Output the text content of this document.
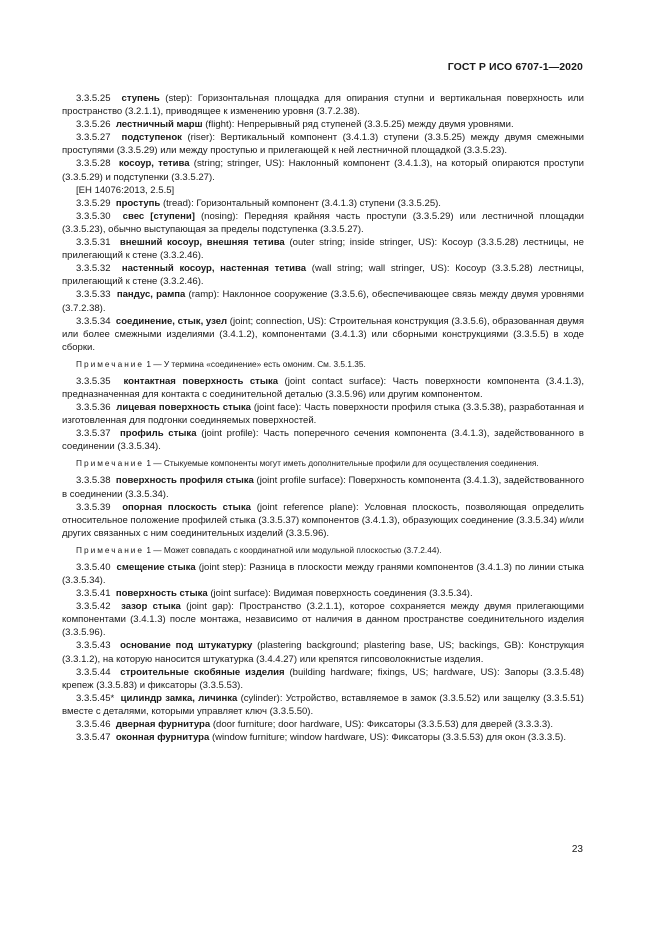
ГОСТ Р ИСО 6707-1—2020

3.3.5.25 ступень (step): Горизонтальная площадка для опирания ступни и вертикальная поверхность или пространство (3.2.1.1), приводящее к изменению уровня (3.7.2.38).

3.3.5.26 лестничный марш (flight): Непрерывный ряд ступеней (3.3.5.25) между двумя уровнями.

3.3.5.27 подступенок (riser): Вертикальный компонент (3.4.1.3) ступени (3.3.5.25) между двумя смежными проступями (3.3.5.29) или между проступью и прилегающей к ней лестничной площадкой (3.3.5.23).

3.3.5.28 косоур, тетива (string; stringer, US): Наклонный компонент (3.4.1.3), на который опираются проступи (3.3.5.29) и подступенки (3.3.5.27).

[ЕН 14076:2013, 2.5.5]

3.3.5.29 проступь (tread): Горизонтальный компонент (3.4.1.3) ступени (3.3.5.25).

3.3.5.30 свес [ступени] (nosing): Передняя крайняя часть проступи (3.3.5.29) или лестничной площадки (3.3.5.23), обычно выступающая за пределы подступенка (3.3.5.27).

3.3.5.31 внешний косоур, внешняя тетива (outer string; inside stringer, US): Косоур (3.3.5.28) лестницы, не прилегающий к стене (3.3.2.46).

3.3.5.32 настенный косоур, настенная тетива (wall string; wall stringer, US): Косоур (3.3.5.28) лестницы, прилегающий к стене (3.3.2.46).

3.3.5.33 пандус, рампа (ramp): Наклонное сооружение (3.3.5.6), обеспечивающее связь между двумя уровнями (3.7.2.38).

3.3.5.34 соединение, стык, узел (joint; connection, US): Строительная конструкция (3.3.5.6), образованная двумя или более смежными изделиями (3.4.1.2), компонентами (3.4.1.3) или сборными конструкциями (3.3.5.5) в ходе сборки.

Примечание 1 — У термина «соединение» есть омоним. См. 3.5.1.35.

3.3.5.35 контактная поверхность стыка (joint contact surface): Часть поверхности компонента (3.4.1.3), предназначенная для контакта с соединительной деталью (3.3.5.96) или другим компонентом.

3.3.5.36 лицевая поверхность стыка (joint face): Часть поверхности профиля стыка (3.3.5.38), разработанная и изготовленная для подгонки соединяемых поверхностей.

3.3.5.37 профиль стыка (joint profile): Часть поперечного сечения компонента (3.4.1.3), задействованного в соединении (3.3.5.34).

Примечание 1 — Стыкуемые компоненты могут иметь дополнительные профили для осуществления соединения.

3.3.5.38 поверхность профиля стыка (joint profile surface): Поверхность компонента (3.4.1.3), задействованного в соединении (3.3.5.34).

3.3.5.39 опорная плоскость стыка (joint reference plane): Условная плоскость, позволяющая определить относительное положение профилей стыка (3.3.5.37) компонентов (3.4.1.3), образующих соединение (3.3.5.34) и/или других связанных с ним соединительных изделий (3.3.5.96).

Примечание 1 — Может совпадать с координатной или модульной плоскостью (3.7.2.44).

3.3.5.40 смещение стыка (joint step): Разница в плоскости между гранями компонентов (3.4.1.3) по линии стыка (3.3.5.34).

3.3.5.41 поверхность стыка (joint surface): Видимая поверхность соединения (3.3.5.34).

3.3.5.42 зазор стыка (joint gap): Пространство (3.2.1.1), которое сохраняется между двумя прилегающими компонентами (3.4.1.3) после монтажа, независимо от наличия в данном пространстве соединительного изделия (3.3.5.96).

3.3.5.43 основание под штукатурку (plastering background; plastering base, US; backings, GB): Конструкция (3.3.1.2), на которую наносится штукатурка (3.4.4.27) или крепятся гипсоволокнистые изделия.

3.3.5.44 строительные скобяные изделия (building hardware; fixings, US; hardware, US): Запоры (3.3.5.48) крепеж (3.3.5.83) и фиксаторы (3.3.5.53).

3.3.5.45* цилиндр замка, личинка (cylinder): Устройство, вставляемое в замок (3.3.5.52) или защелку (3.3.5.51) вместе с деталями, которыми управляет ключ (3.3.5.50).

3.3.5.46 дверная фурнитура (door furniture; door hardware, US): Фиксаторы (3.3.5.53) для дверей (3.3.3.3).

3.3.5.47 оконная фурнитура (window furniture; window hardware, US): Фиксаторы (3.3.5.53) для окон (3.3.3.5).

23
